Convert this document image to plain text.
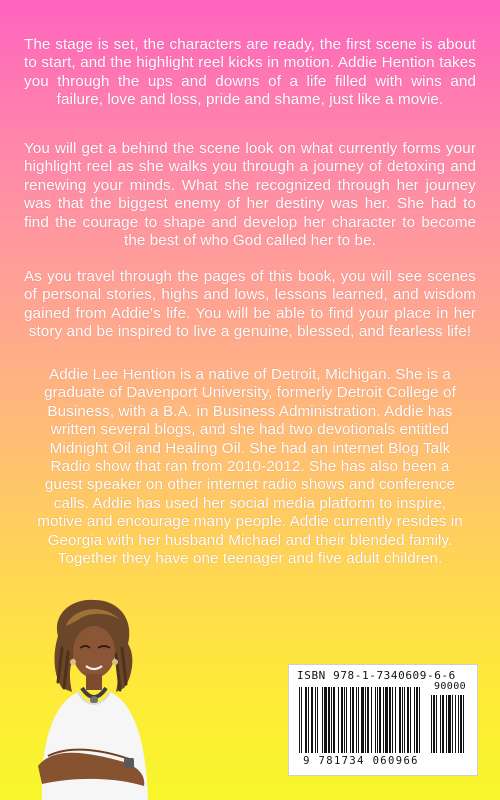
The stage is set, the characters are ready, the first scene is about to start, and the highlight reel kicks in motion. Addie Hention takes you through the ups and downs of a life filled with wins and failure, love and loss, pride and shame, just like a movie.
You will get a behind the scene look on what currently forms your highlight reel as she walks you through a journey of detoxing and renewing your minds. What she recognized through her journey was that the biggest enemy of her destiny was her. She had to find the courage to shape and develop her character to become the best of who God called her to be.
As you travel through the pages of this book, you will see scenes of personal stories, highs and lows, lessons learned, and wisdom gained from Addie's life. You will be able to find your place in her story and be inspired to live a genuine, blessed, and fearless life!
Addie Lee Hention is a native of Detroit, Michigan. She is a graduate of Davenport University, formerly Detroit College of Business, with a B.A. in Business Administration. Addie has written several blogs, and she had two devotionals entitled Midnight Oil and Healing Oil. She had an internet Blog Talk Radio show that ran from 2010-2012. She has also been a guest speaker on other internet radio shows and conference calls. Addie has used her social media platform to inspire, motive and encourage many people. Addie currently resides in Georgia with her husband Michael and their blended family. Together they have one teenager and five adult children.
ISBN 978-1-7340609-6-6
90000
9 781734 060966
